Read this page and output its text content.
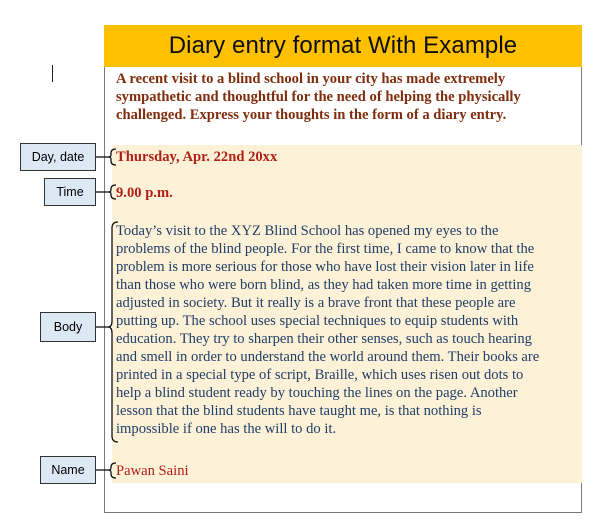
Diary entry format With Example
A recent visit to a blind school in your city has made extremely
sympathetic and thoughtful for the need of helping the physically
challenged. Express your thoughts in the form of a diary entry.
Thursday, Apr. 22nd 20xx
9.00 p.m.
Today’s visit to the XYZ Blind School has opened my eyes to the
problems of the blind people. For the first time, I came to know that the
problem is more serious for those who have lost their vision later in life
than those who were born blind, as they had taken more time in getting
adjusted in society. But it really is a brave front that these people are
putting up. The school uses special techniques to equip students with
education. They try to sharpen their other senses, such as touch hearing
and smell in order to understand the world around them. Their books are
printed in a special type of script, Braille, which uses risen out dots to
help a blind student ready by touching the lines on the page. Another
lesson that the blind students have taught me, is that nothing is
impossible if one has the will to do it.
Pawan Saini
Day, date
Time
Body
Name
